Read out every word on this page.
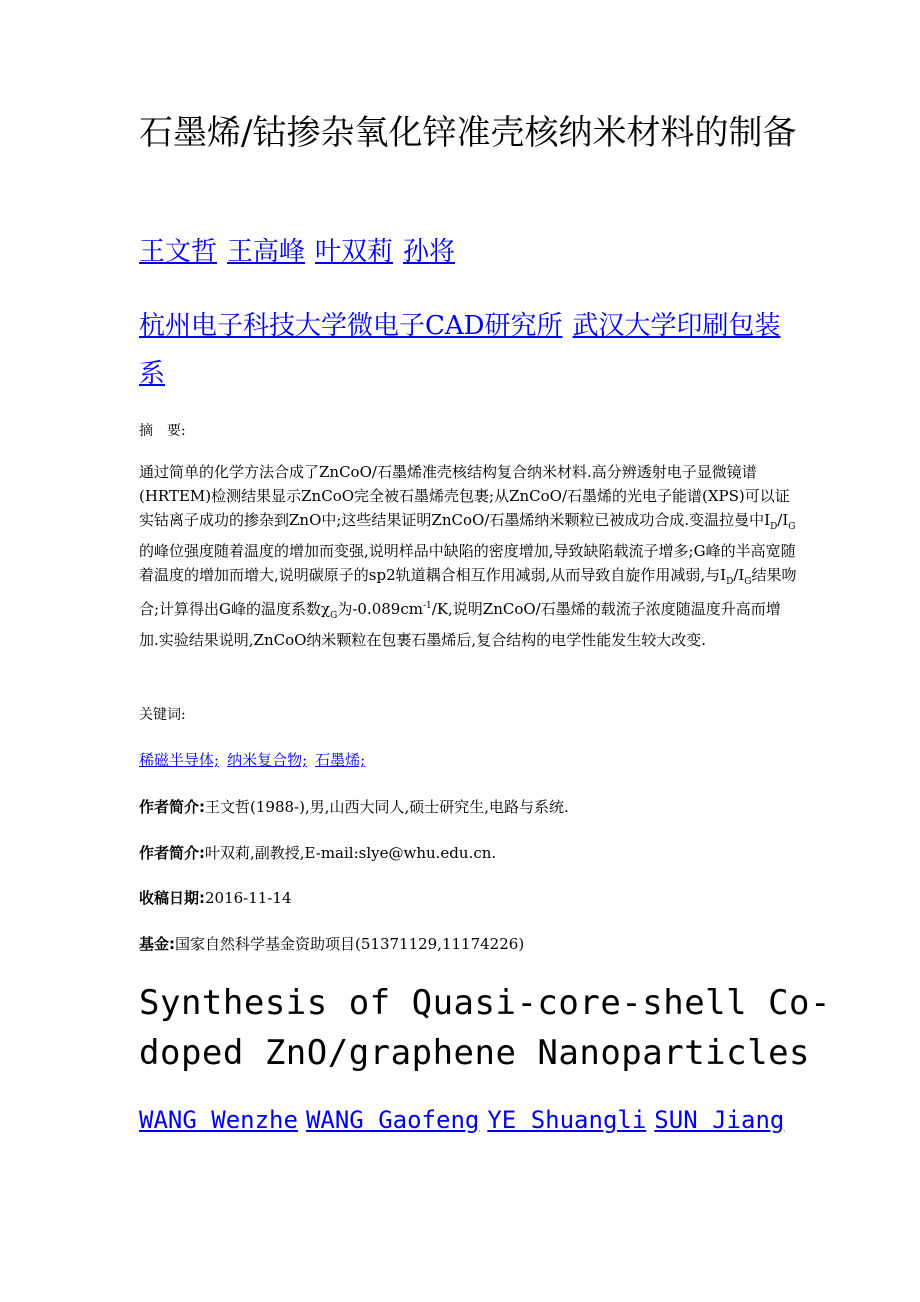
石墨烯/钴掺杂氧化锌准壳核纳米材料的制备
王文哲 王高峰 叶双莉 孙将
杭州电子科技大学微电子CAD研究所 武汉大学印刷包装系
摘　要:
通过简单的化学方法合成了ZnCoO/石墨烯准壳核结构复合纳米材料.高分辨透射电子显微镜谱(HRTEM)检测结果显示ZnCoO完全被石墨烯壳包裹;从ZnCoO/石墨烯的光电子能谱(XPS)可以证实钴离子成功的掺杂到ZnO中;这些结果证明ZnCoO/石墨烯纳米颗粒已被成功合成.变温拉曼中$I_D/I_G$的峰位强度随着温度的增加而变强,说明样品中缺陷的密度增加,导致缺陷载流子增多;G峰的半高宽随着温度的增加而增大,说明碳原子的sp2轨道耦合相互作用减弱,从而导致自旋作用减弱,与$I_D/I_G$结果吻合;计算得出G峰的温度系数$\chi_G$为$-0.089cm^{-1}/K$,说明ZnCoO/石墨烯的载流子浓度随温度升高而增加.实验结果说明,ZnCoO纳米颗粒在包裹石墨烯后,复合结构的电学性能发生较大改变.
关键词:
稀磁半导体; 纳米复合物; 石墨烯;
作者简介:王文哲(1988-),男,山西大同人,硕士研究生,电路与系统.
作者简介:叶双莉,副教授,E-mail:slye@whu.edu.cn.
收稿日期:2016-11-14
基金:国家自然科学基金资助项目(51371129,11174226)
Synthesis of Quasi-core-shell Co-doped ZnO/graphene Nanoparticles
WANG Wenzhe WANG Gaofeng YE Shuangli SUN Jiang
